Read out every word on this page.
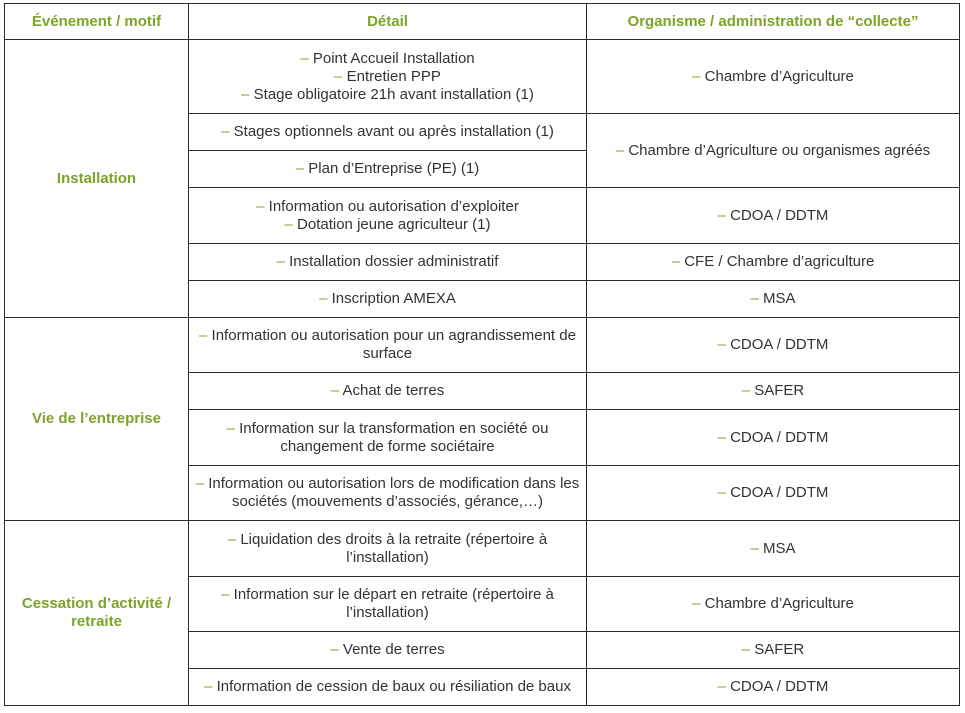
Événement / motif	Détail	Organisme / administration de “collecte”
Installation	– Point Accueil Installation
– Entretien PPP
– Stage obligatoire 21h avant installation (1)	– Chambre d’Agriculture
	– Stages optionnels avant ou après installation (1)	– Chambre d’Agriculture ou organismes agréés
	– Plan d’Entreprise (PE) (1)	

	– Information ou autorisation d’exploiter
– Dotation jeune agriculteur (1)	– CDOA / DDTM
	– Installation dossier administratif	– CFE / Chambre d’agriculture
	– Inscription AMEXA	– MSA
Vie de l’entreprise	– Information ou autorisation pour un agrandissement de surface	– CDOA / DDTM
	– Achat de terres	– SAFER
	– Information sur la transformation en société ou changement de forme sociétaire	– CDOA / DDTM
	– Information ou autorisation lors de modification dans les sociétés (mouvements d’associés, gérance,…)	– CDOA / DDTM
Cessation d’activité / retraite	– Liquidation des droits à la retraite (répertoire à l’installation)	– MSA
	– Information sur le départ en retraite (répertoire à l’installation)	– Chambre d’Agriculture
	– Vente de terres	– SAFER
	– Information de cession de baux ou résiliation de baux	– CDOA / DDTM
